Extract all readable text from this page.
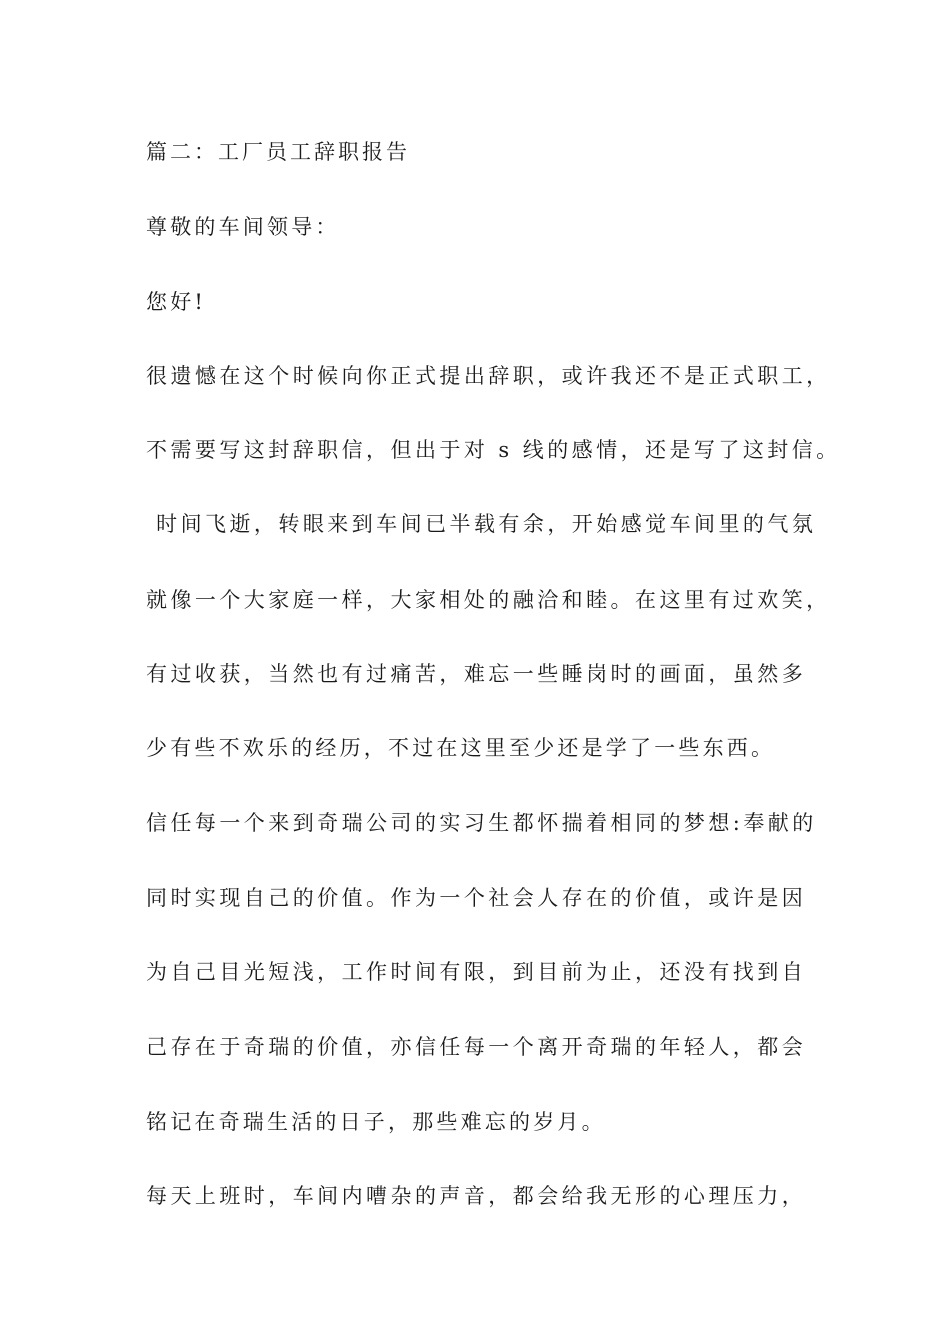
篇二：工厂员工辞职报告
尊敬的车间领导：
您好!
很遗憾在这个时候向你正式提出辞职，或许我还不是正式职工，
不需要写这封辞职信，但出于对 s 线的感情，还是写了这封信。
时间飞逝，转眼来到车间已半载有余，开始感觉车间里的气氛
就像一个大家庭一样，大家相处的融洽和睦。在这里有过欢笑，
有过收获，当然也有过痛苦，难忘一些睡岗时的画面，虽然多
少有些不欢乐的经历，不过在这里至少还是学了一些东西。
信任每一个来到奇瑞公司的实习生都怀揣着相同的梦想:奉献的
同时实现自己的价值。作为一个社会人存在的价值，或许是因
为自己目光短浅，工作时间有限，到目前为止，还没有找到自
己存在于奇瑞的价值，亦信任每一个离开奇瑞的年轻人，都会
铭记在奇瑞生活的日子，那些难忘的岁月。
每天上班时，车间内嘈杂的声音，都会给我无形的心理压力，
